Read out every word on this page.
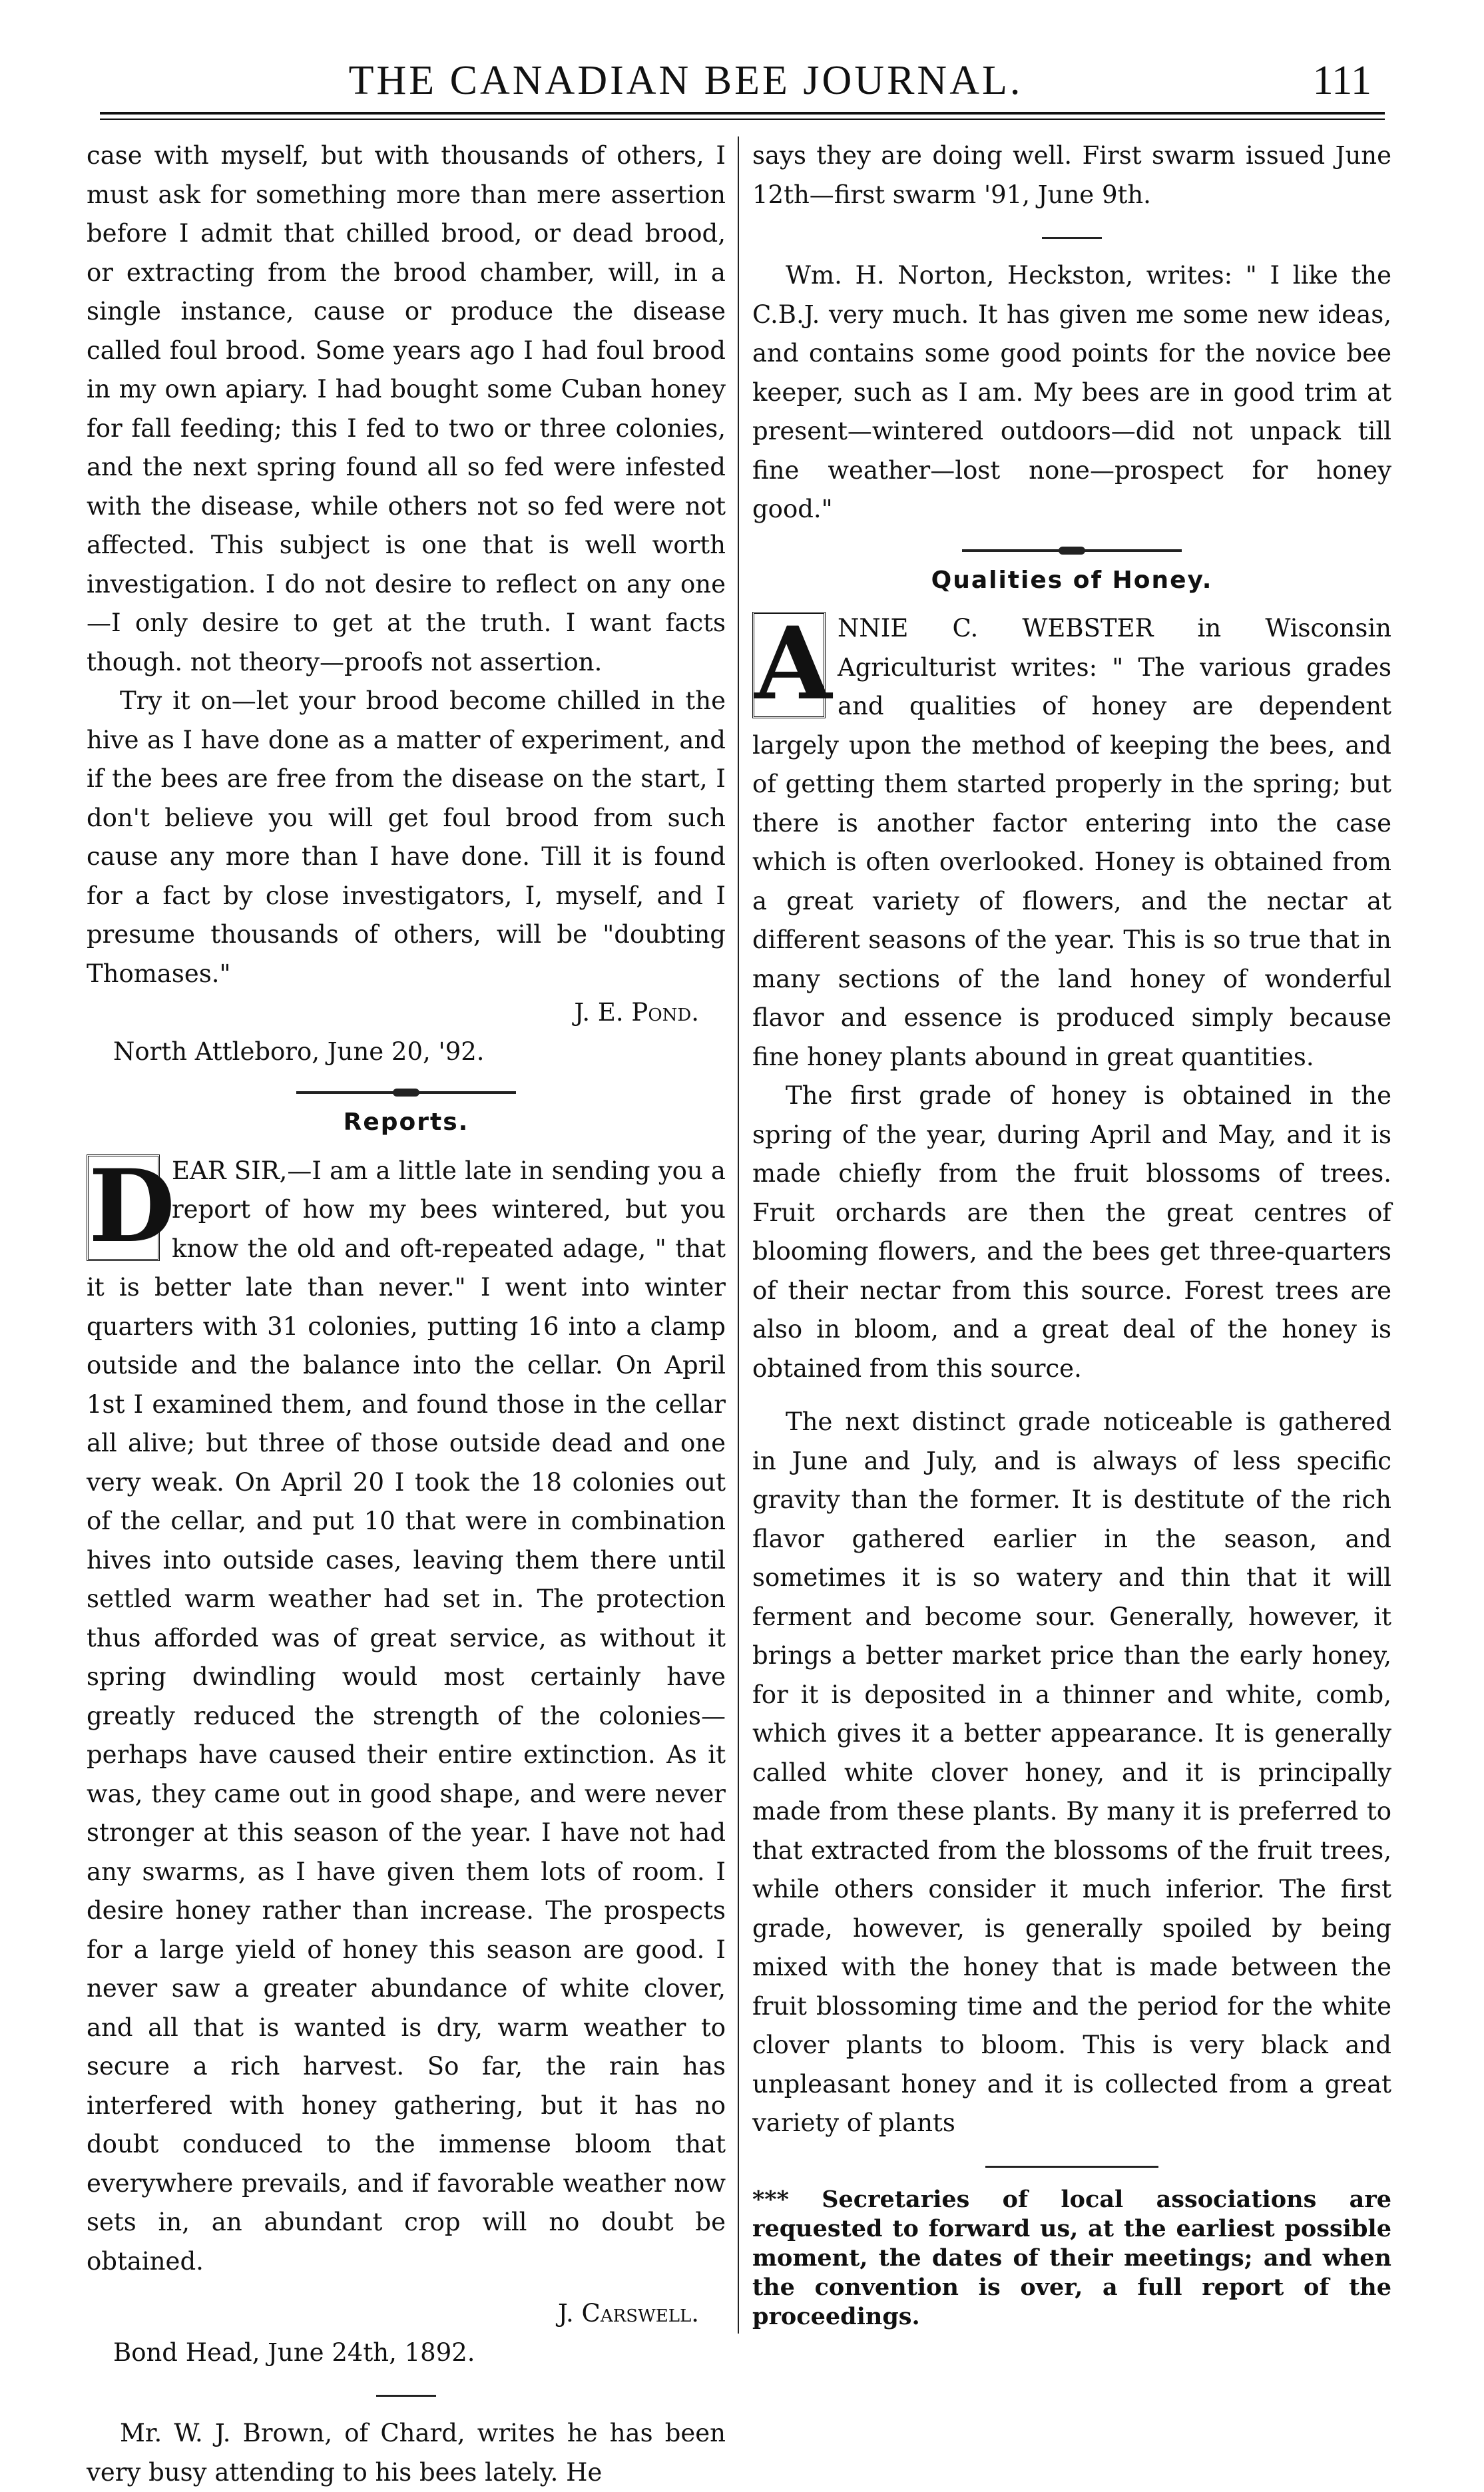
THE CANADIAN BEE JOURNAL.	111

case with myself, but with thousands of others, I must ask for something more than mere assertion before I admit that chilled brood, or dead brood, or extracting from the brood chamber, will, in a single instance, cause or produce the disease called foul brood. Some years ago I had foul brood in my own apiary. I had bought some Cuban honey for fall feeding; this I fed to two or three colonies, and the next spring found all so fed were infested with the disease, while others not so fed were not affected. This subject is one that is well worth investigation. I do not desire to reflect on any one—I only desire to get at the truth. I want facts though. not theory—proofs not assertion.

Try it on—let your brood become chilled in the hive as I have done as a matter of experiment, and if the bees are free from the disease on the start, I don't believe you will get foul brood from such cause any more than I have done. Till it is found for a fact by close investigators, I, myself, and I presume thousands of others, will be "doubting Thomases."

J. E. Pond.

North Attleboro, June 20, '92.

Reports.

D
EAR SIR,—I am a little late in sending you a report of how my bees wintered, but you know the old and oft-repeated adage, " that it is better late than never." I went into winter quarters with 31 colonies, putting 16 into a clamp outside and the balance into the cellar. On April 1st I examined them, and found those in the cellar all alive; but three of those outside dead and one very weak. On April 20 I took the 18 colonies out of the cellar, and put 10 that were in combination hives into outside cases, leaving them there until settled warm weather had set in. The protection thus afforded was of great service, as without it spring dwindling would most certainly have greatly reduced the strength of the colonies—perhaps have caused their entire extinction. As it was, they came out in good shape, and were never stronger at this season of the year. I have not had any swarms, as I have given them lots of room. I desire honey rather than increase. The prospects for a large yield of honey this season are good. I never saw a greater abundance of white clover, and all that is wanted is dry, warm weather to secure a rich harvest. So far, the rain has interfered with honey gathering, but it has no doubt conduced to the immense bloom that everywhere prevails, and if favorable weather now sets in, an abundant crop will no doubt be obtained.

J. Carswell.

Bond Head, June 24th, 1892.

Mr. W. J. Brown, of Chard, writes he has been very busy attending to his bees lately. He

says they are doing well. First swarm issued June 12th—first swarm '91, June 9th.

Wm. H. Norton, Heckston, writes: " I like the C.B.J. very much. It has given me some new ideas, and contains some good points for the novice bee keeper, such as I am. My bees are in good trim at present—wintered outdoors—did not unpack till fine weather—lost none—prospect for honey good."

Qualities of Honey.

A NNIE C. WEBSTER in Wisconsin Agriculturist writes: " The various grades and qualities of honey are dependent largely upon the method of keeping the bees, and of getting them started properly in the spring; but there is another factor entering into the case which is often overlooked. Honey is obtained from a great variety of flowers, and the nectar at different seasons of the year. This is so true that in many sections of the land honey of wonderful flavor and essence is produced simply because fine honey plants abound in great quantities.

The first grade of honey is obtained in the spring of the year, during April and May, and it is made chiefly from the fruit blossoms of trees. Fruit orchards are then the great centres of blooming flowers, and the bees get three-quarters of their nectar from this source. Forest trees are also in bloom, and a great deal of the honey is obtained from this source.

The next distinct grade noticeable is gathered in June and July, and is always of less specific gravity than the former. It is destitute of the rich flavor gathered earlier in the season, and sometimes it is so watery and thin that it will ferment and become sour. Generally, however, it brings a better market price than the early honey, for it is deposited in a thinner and white, comb, which gives it a better appearance. It is generally called white clover honey, and it is principally made from these plants. By many it is preferred to that extracted from the blossoms of the fruit trees, while others consider it much inferior. The first grade, however, is generally spoiled by being mixed with the honey that is made between the fruit blossoming time and the period for the white clover plants to bloom. This is very black and unpleasant honey and it is collected from a great variety of plants

*** Secretaries of local associations are requested to forward us, at the earliest possible moment, the dates of their meetings; and when the convention is over, a full report of the proceedings.
